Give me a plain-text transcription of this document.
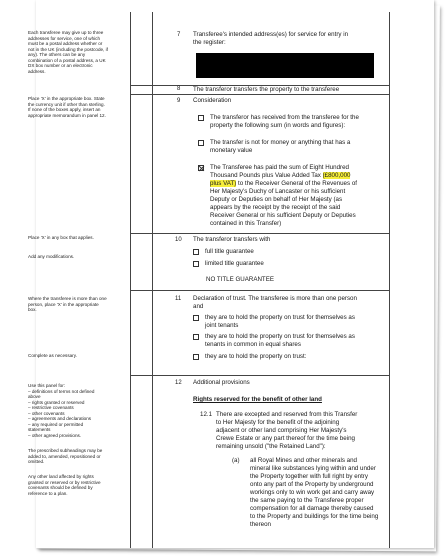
Each transferee may give up to three
addresses for service, one of which
must be a postal address whether or
not in the UK (including the postcode, if
any). The others can be any
combination of a postal address, a UK
DX box number or an electronic
address.
Place 'X' in the appropriate box. State
the currency unit if other than sterling.
If none of the boxes apply, insert an
appropriate memorandum in panel 12.
Place 'X' in any box that applies.
Add any modifications.
Where the transferee is more than one
person, place 'X' in the appropriate
box.
Complete as necessary.
Use this panel for:
– definitions of terms not defined
above
– rights granted or reserved
– restrictive covenants
– other covenants
– agreements and declarations
– any required or permitted
statements
– other agreed provisions.
The prescribed subheadings may be
added to, amended, repositioned or
omitted.
Any other land affected by rights
granted or reserved or by restrictive
covenants should be defined by
reference to a plan.
7 Transferee's intended address(es) for service for entry in
the register:
8 The transferor transfers the property to the transferee
9 Consideration
The transferor has received from the transferee for the
property the following sum (in words and figures):
The transfer is not for money or anything that has a
monetary value
The Transferee has paid the sum of Eight Hundred
Thousand Pounds plus Value Added Tax (£800,000
plus VAT) to the Receiver General of the Revenues of
Her Majesty's Duchy of Lancaster or his sufficient
Deputy or Deputies on behalf of Her Majesty (as
appears by the receipt by the receipt of the said
Receiver General or his sufficient Deputy or Deputies
contained in this Transfer)
10 The transferor transfers with
full title guarantee
limited title guarantee
NO TITLE GUARANTEE
11 Declaration of trust. The transferee is more than one person
and
they are to hold the property on trust for themselves as
joint tenants
they are to hold the property on trust for themselves as
tenants in common in equal shares
they are to hold the property on trust:
12 Additional provisions
Rights reserved for the benefit of other land
12.1 There are excepted and reserved from this Transfer
to Her Majesty for the benefit of the adjoining
adjacent or other land comprising Her Majesty's
Crewe Estate or any part thereof for the time being
remaining unsold ("the Retained Land"):
(a) all Royal Mines and other minerals and
mineral like substances lying within and under
the Property together with full right by entry
onto any part of the Property by underground
workings only to win work get and carry away
the same paying to the Transferee proper
compensation for all damage thereby caused
to the Property and buildings for the time being
thereon
